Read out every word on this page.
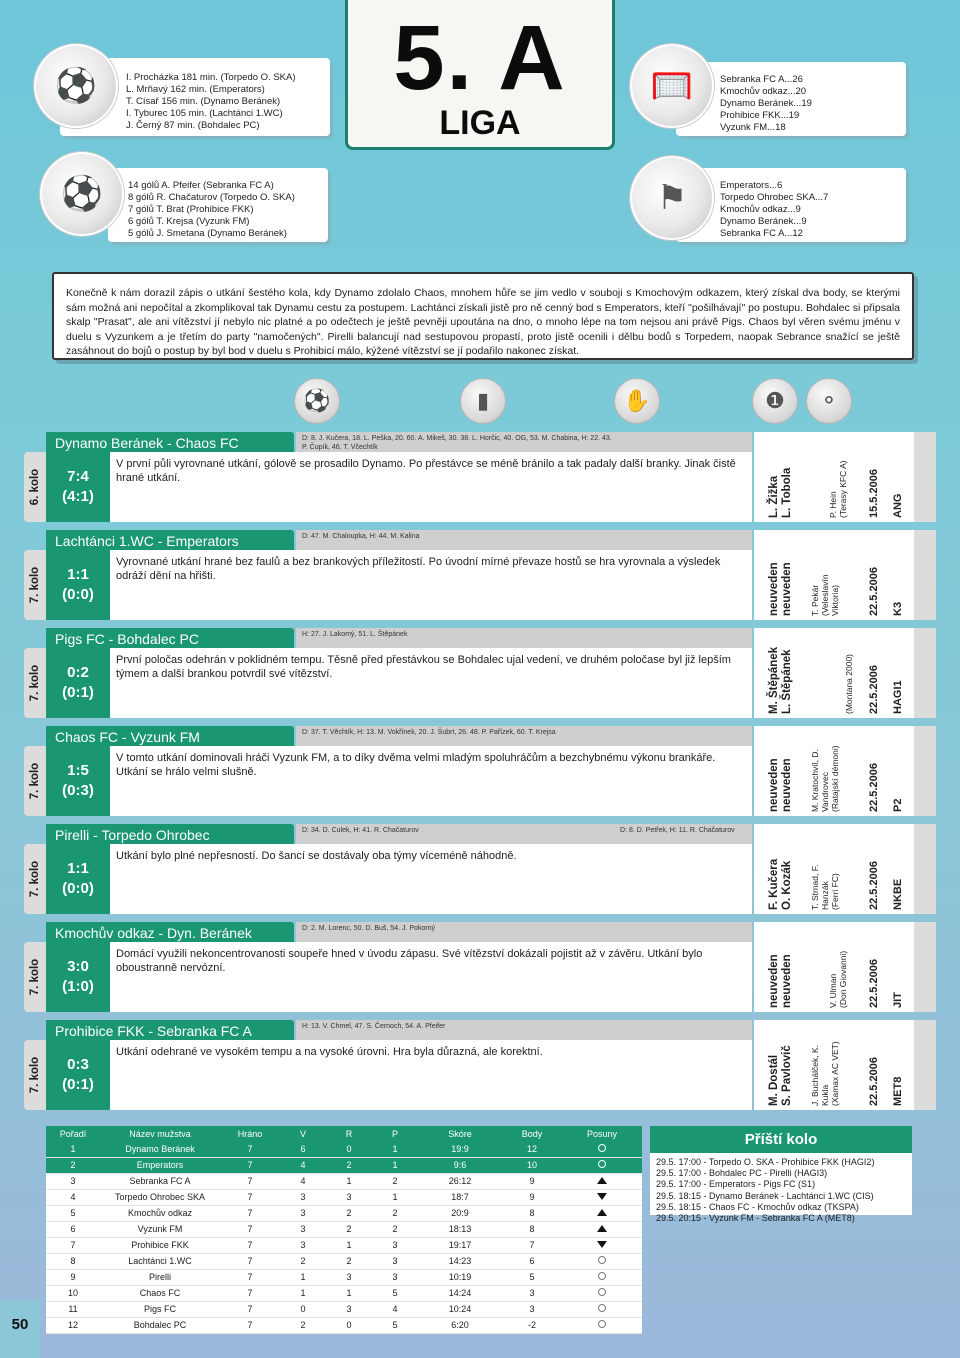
5. A
LIGA
I. Procházka 181 min. (Torpedo O. SKA)
L. Mrňavý 162 min. (Emperators)
T. Císař 156 min. (Dynamo Beránek)
I. Tyburec 105 min. (Lachtánci 1.WC)
J. Černý 87 min. (Bohdalec PC)
⚽
14 gólů A. Pfeifer (Sebranka FC A)
8 gólů R. Chačaturov (Torpedo O. SKA)
7 gólů T. Brat (Prohibice FKK)
6 gólů T. Krejsa (Vyzunk FM)
5 gólů J. Smetana (Dynamo Beránek)
⚽
Sebranka FC A...26
Kmochův odkaz...20
Dynamo Beránek...19
Prohibice FKK...19
Vyzunk FM...18
🥅
Emperators...6
Torpedo Ohrobec SKA...7
Kmochův odkaz...9
Dynamo Beránek...9
Sebranka FC A...12
⚑
Konečně k nám dorazil zápis o utkání šestého kola, kdy Dynamo zdolalo Chaos, mnohem hůře se jim vedlo v souboji s Kmochovým odkazem, který získal dva body, se kterými sám možná ani nepočítal a zkomplikoval tak Dynamu cestu za postupem. Lachtánci získali jistě pro ně cenný bod s Emperators, kteří "pošilhávají" po postupu. Bohdalec si připsala skalp "Prasat", ale ani vítězství jí nebylo nic platné a po odečtech je ještě pevněji upoutána na dno, o mnoho lépe na tom nejsou ani právě Pigs. Chaos byl věren svému jménu v duelu s Vyzunkem a je třetím do party "namočených". Pirelli balancují nad sestupovou propastí, proto jistě ocenili i dělbu bodů s Torpedem, naopak Sebrance snažící se ještě zasáhnout do bojů o postup by byl bod v duelu s Prohibicí málo, kýžené vítězství se jí podařilo nakonec získat.
⚽	▮	✋	❶	⚬
6. kolo
Dynamo Beránek - Chaos FC
7:4
(4:1)
D: 8. J. Kučera, 18. L. Peška, 20. 60. A. Mikeš, 30. 38. L. Horčic, 40. OG, 53. M. Chabina, H: 22. 43. P. Čupík, 46. T. Včechtík
V první půli vyrovnané utkání, gólově se prosadilo Dynamo. Po přestávce se méně bránilo a tak padaly další branky. Jinak čistě hrané utkání.	L. Žižka L. Tobola	P. Hein (Terasy KFC A) 15.5.2006 ANG
7. kolo
Lachtánci 1.WC - Emperators
1:1
(0:0)
D: 47. M. Chaloupka, H: 44. M. Kalina
Vyrovnané utkání hrané bez faulů a bez brankových příležitostí. Po úvodní mírné převaze hostů se hra vyrovnala a výsledek odráží dění na hřišti.	neuveden neuveden T. Pekár (Veleslavín Viktoria)	22.5.2006 K3
7. kolo
Pigs FC - Bohdalec PC
0:2
(0:1)
H: 27. J. Lakomý, 51. L. Štěpánek
První poločas odehrán v poklidném tempu. Těsně před přestávkou se Bohdalec ujal vedení, ve druhém poločase byl již lepším týmem a další brankou potvrdil své vítězství.	M. Štěpánek L. Štěpánek	(Montana 2000) 22.5.2006 HAGI1
7. kolo
Chaos FC - Vyzunk FM
1:5
(0:3)
D: 37. T. Věchtík, H: 13. M. Vokřínek, 20. J. Šubrt, 26. 48. P. Pařízek, 60. T. Krejsa
V tomto utkání dominovali hráči Vyzunk FM, a to díky dvěma velmi mladým spoluhráčům a bezchybnému výkonu brankáře. Utkání se hrálo velmi slušně.	neuveden neuveden M. Kratochvíl, D. Vandrovec (Ratajskí démoni)	22.5.2006 P2
7. kolo
Pirelli - Torpedo Ohrobec
1:1
(0:0)
D: 34. D. Culek, H: 41. R. Chačaturov	D: 8. D. Petřek, H: 11. R. Chačaturov
Utkání bylo plné nepřesností. Do šancí se dostávaly oba týmy víceméně náhodně.
F. Kučera O. Kozák T. Strnad, F. Hanzák (Ferri FC)	22.5.2006 NKBE
7. kolo
Kmochův odkaz - Dyn. Beránek
3:0
(1:0)
D: 2. M. Lorenc, 50. D. Buš, 54. J. Pokorný
Domácí využili nekoncentrovanosti soupeře hned v úvodu zápasu. Své vítězství dokázali pojistit až v závěru. Utkání bylo oboustranně nervózní.	neuveden neuveden	V. Ulman (Don Giovanni) 22.5.2006 JIT
7. kolo
Prohibice FKK - Sebranka FC A
0:3
(0:1)
H: 13. V. Chmel, 47. S. Černoch, 54. A. Pfeifer
Utkání odehrané ve vysokém tempu a na vysoké úrovni. Hra byla důrazná, ale korektní.
M. Dostál S. Pavlovič J. Buchálček, K. Kukla (Xamax AC VET)	22.5.2006 MET8
Pořadí	Název mužstva	Hráno	V	R	P	Skóre	Body	Posuny
1	Dynamo Beránek	7	6	0	1	19:9	12	
2	Emperators	7	4	2	1	9:6	10	
3	Sebranka FC A	7	4	1	2	26:12	9	
4	Torpedo Ohrobec SKA	7	3	3	1	18:7	9	
5	Kmochův odkaz	7	3	2	2	20:9	8	
6	Vyzunk FM	7	3	2	2	18:13	8	
7	Prohibice FKK	7	3	1	3	19:17	7	
8	Lachtánci 1.WC	7	2	2	3	14:23	6	
9	Pirelli	7	1	3	3	10:19	5	
10	Chaos FC	7	1	1	5	14:24	3	
11	Pigs FC	7	0	3	4	10:24	3	
12	Bohdalec PC	7	2	0	5	6:20	-2	
Příští kolo
29.5. 17:00 - Torpedo O. SKA - Prohibice FKK (HAGI2)
29.5. 17:00 - Bohdalec PC - Pirelli (HAGI3)
29.5. 17:00 - Emperators - Pigs FC (S1)
29.5. 18:15 - Dynamo Beránek - Lachtánci 1.WC (CIS)
29.5. 18:15 - Chaos FC - Kmochův odkaz (TKSPA)
29.5. 20:15 - Vyzunk FM - Sebranka FC A (MET8)
50
